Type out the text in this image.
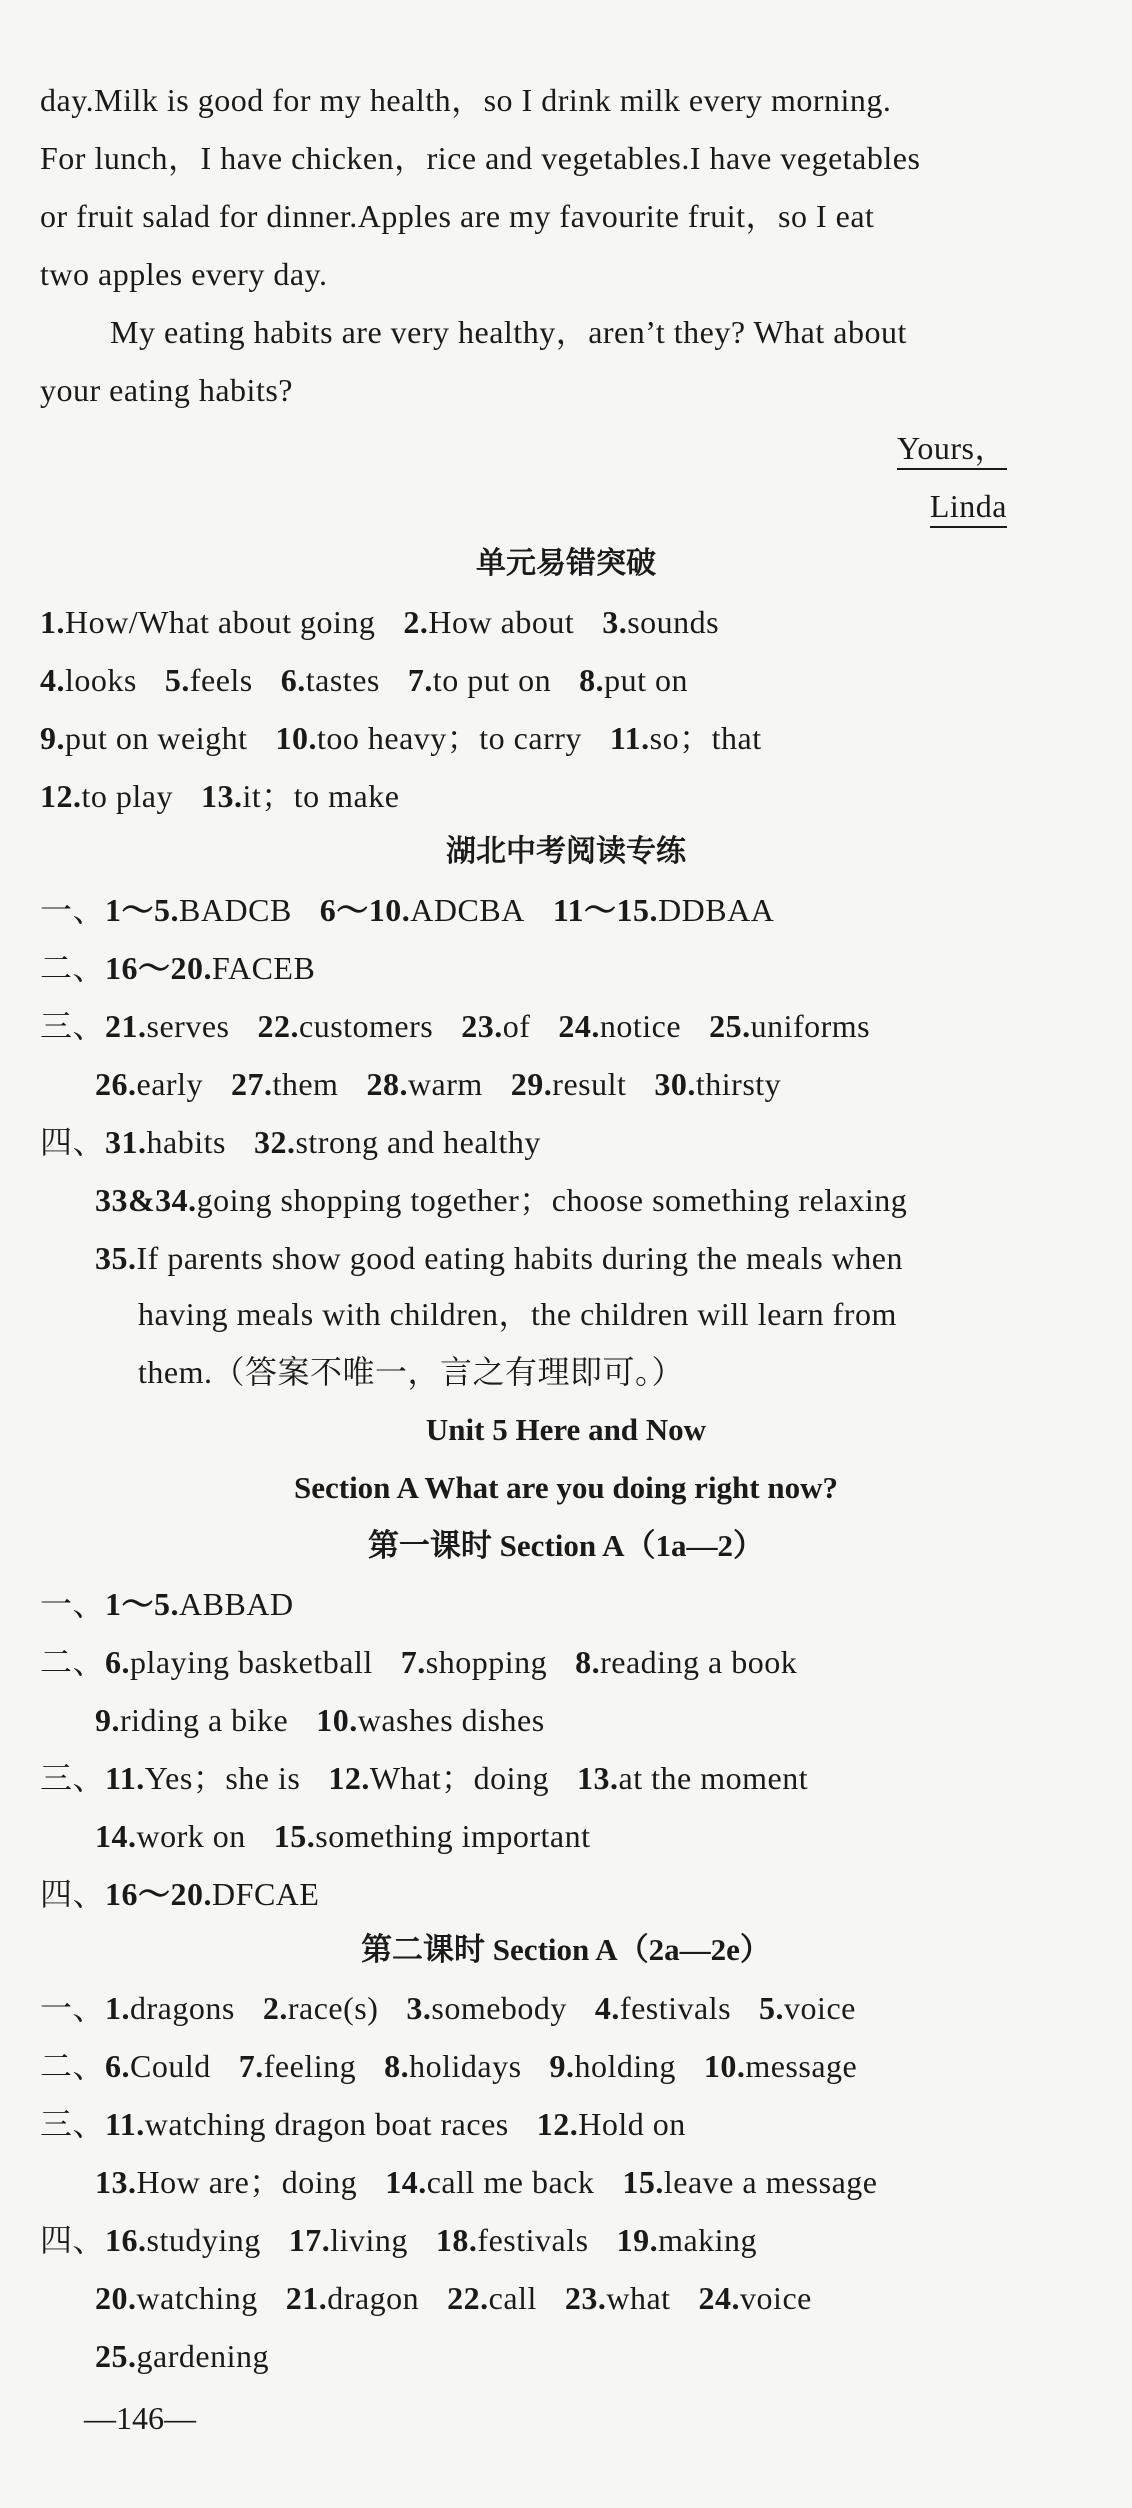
day.Milk is good for my health，so I drink milk every morning.
For lunch，I have chicken，rice and vegetables.I have vegetables
or fruit salad for dinner.Apples are my favourite fruit，so I eat
two apples every day.
My eating habits are very healthy，aren’t they? What about
your eating habits?
Yours，
Linda
单元易错突破
1.How/What about going 2.How about 3.sounds
4.looks 5.feels 6.tastes 7.to put on 8.put on
9.put on weight 10.too heavy；to carry 11.so；that
12.to play 13.it；to make
湖北中考阅读专练
一、1～5.BADCB 6～10.ADCBA 11～15.DDBAA
二、16～20.FACEB
三、21.serves 22.customers 23.of 24.notice 25.uniforms
26.early 27.them 28.warm 29.result 30.thirsty
四、31.habits 32.strong and healthy
33&34.going shopping together；choose something relaxing
35.If parents show good eating habits during the meals when
having meals with children，the children will learn from
them.（答案不唯一，言之有理即可。）
Unit 5 Here and Now
Section A What are you doing right now?
第一课时 Section A（1a—2）
一、1～5.ABBAD
二、6.playing basketball 7.shopping 8.reading a book
9.riding a bike 10.washes dishes
三、11.Yes；she is 12.What；doing 13.at the moment
14.work on 15.something important
四、16～20.DFCAE
第二课时 Section A（2a—2e）
一、1.dragons 2.race(s) 3.somebody 4.festivals 5.voice
二、6.Could 7.feeling 8.holidays 9.holding 10.message
三、11.watching dragon boat races 12.Hold on
13.How are；doing 14.call me back 15.leave a message
四、16.studying 17.living 18.festivals 19.making
20.watching 21.dragon 22.call 23.what 24.voice
25.gardening
—146—
